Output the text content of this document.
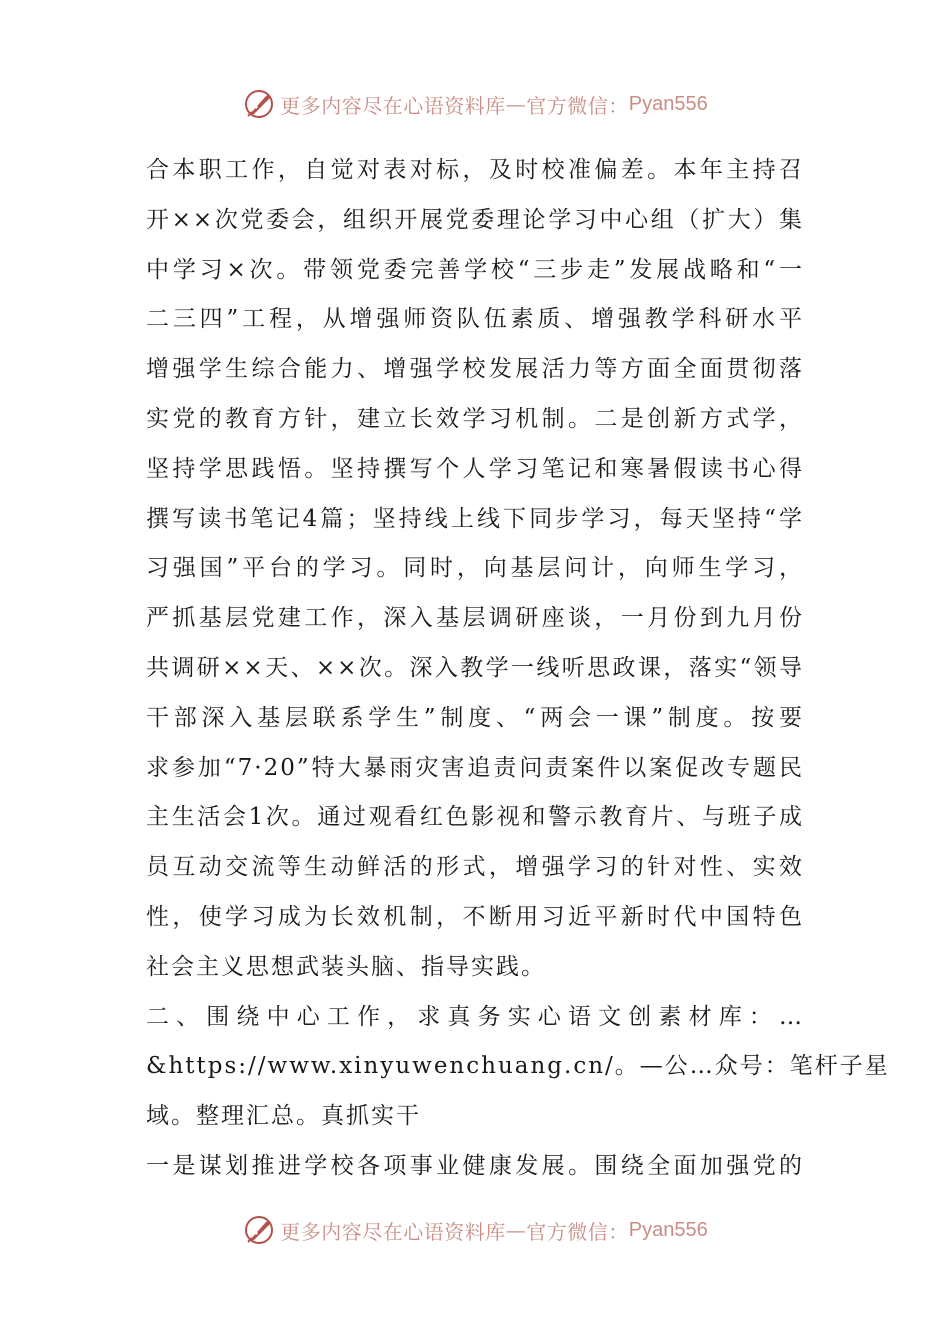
更多内容尽在心语资料库 — 官方微信： Pyan556
合本职工作，自觉对表对标，及时校准偏差。本年主持召
开××次党委会，组织开展党委理论学习中心组（扩大）集
中学习×次。带领党委完善学校“三步走”发展战略和“一
二三四”工程，从增强师资队伍素质、增强教学科研水平
增强学生综合能力、增强学校发展活力等方面全面贯彻落
实党的教育方针，建立长效学习机制。二是创新方式学，
坚持学思践悟。坚持撰写个人学习笔记和寒暑假读书心得
撰写读书笔记4篇；坚持线上线下同步学习，每天坚持“学
习强国”平台的学习。同时，向基层问计，向师生学习，
严抓基层党建工作，深入基层调研座谈，一月份到九月份
共调研××天、××次。深入教学一线听思政课，落实“领导
干部深入基层联系学生”制度、“两会一课”制度。按要
求参加“7·20”特大暴雨灾害追责问责案件以案促改专题民
主生活会1次。通过观看红色影视和警示教育片、与班子成
员互动交流等生动鲜活的形式，增强学习的针对性、实效
性，使学习成为长效机制，不断用习近平新时代中国特色
社会主义思想武装头脑、指导实践。
二、围绕中心工作，求真务实心语文创素材库：…
&https://www.xinyuwenchuang.cn/。—公…众号：笔杆子星
域。整理汇总。真抓实干
一是谋划推进学校各项事业健康发展。围绕全面加强党的
更多内容尽在心语资料库 — 官方微信： Pyan556
